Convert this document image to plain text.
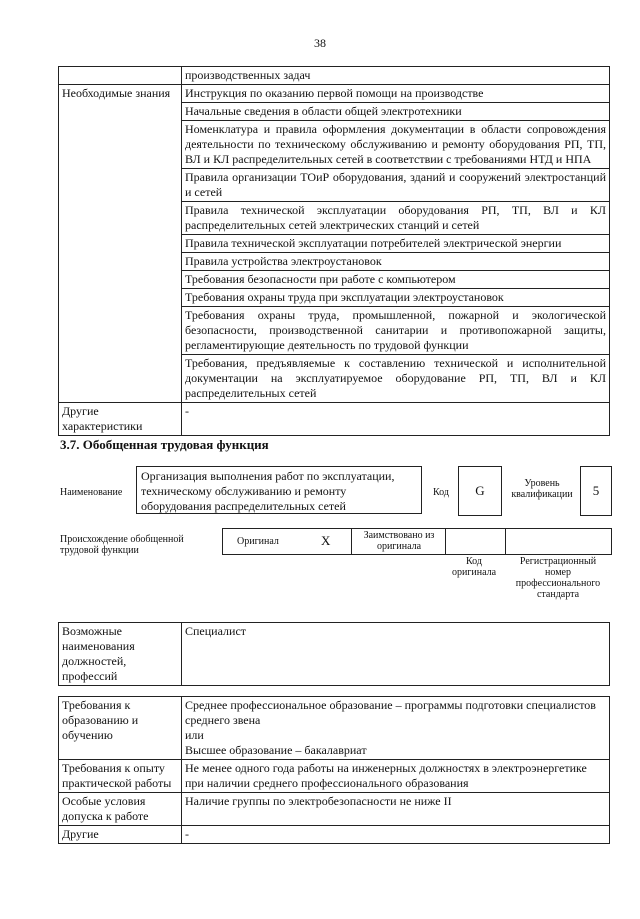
38
	производственных задач
Необходимые знания	Инструкция по оказанию первой помощи на производстве
	Начальные сведения в области общей электротехники
	Номенклатура и правила оформления документации в области сопровождения деятельности по техническому обслуживанию и ремонту оборудования РП, ТП, ВЛ и КЛ распределительных сетей в соответствии с требованиями НТД и НПА
	Правила организации ТОиР оборудования, зданий и сооружений электростанций и сетей
	Правила технической эксплуатации оборудования РП, ТП, ВЛ и КЛ распределительных сетей электрических станций и сетей
	Правила технической эксплуатации потребителей электрической энергии
	Правила устройства электроустановок
	Требования безопасности при работе с компьютером
	Требования охраны труда при эксплуатации электроустановок
	Требования охраны труда, промышленной, пожарной и экологической безопасности, производственной санитарии и противопожарной защиты, регламентирующие деятельность по трудовой функции
	Требования, предъявляемые к составлению технической и исполнительной документации на эксплуатируемое оборудование РП, ТП, ВЛ и КЛ распределительных сетей
Другие характеристики	-
3.7. Обобщенная трудовая функция
Наименование
Организация выполнения работ по эксплуатации, техническому обслуживанию и ремонту оборудования распределительных сетей
Код	G	Уровень квалификации	5
Происхождение обобщенной трудовой функции
Оригинал	X	Заимствовано из оригинала
Код оригинала
Регистрационный номер профессионального стандарта
Возможные наименования должностей, профессий	Специалист
Требования к образованию и обучению	Среднее профессиональное образование – программы подготовки специалистов среднего звена
или
Высшее образование – бакалавриат

Требования к опыту практической работы	Не менее одного года работы на инженерных должностях в электроэнергетике при наличии среднего профессионального образования
Особые условия допуска к работе	Наличие группы по электробезопасности не ниже II
Другие	-
